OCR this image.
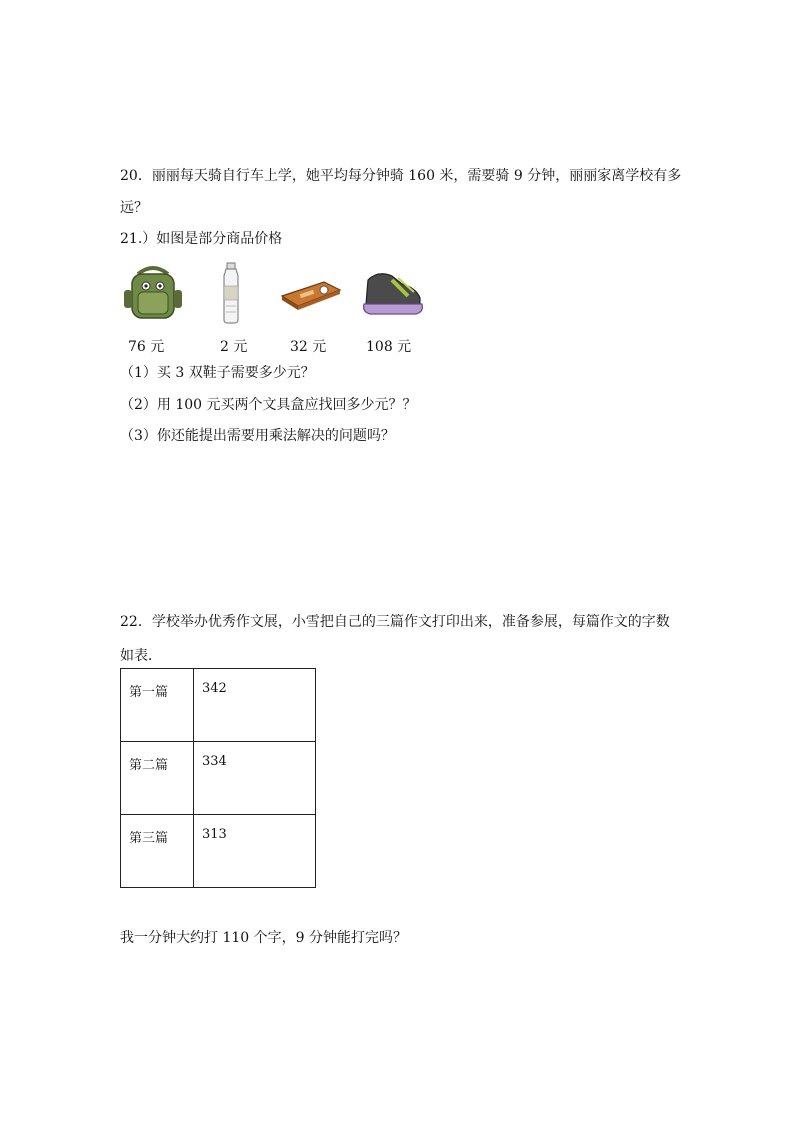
20．丽丽每天骑自行车上学，她平均每分钟骑 160 米，需要骑 9 分钟，丽丽家离学校有多
远？
21.）如图是部分商品价格
76 元	2 元	32 元	108 元
（1）买 3 双鞋子需要多少元？
（2）用 100 元买两个文具盒应找回多少元？？
（3）你还能提出需要用乘法解决的问题吗？
22．学校举办优秀作文展，小雪把自己的三篇作文打印出来，准备参展，每篇作文的字数
如表．
第一篇	342
第二篇	334
第三篇	313
我一分钟大约打 110 个字，9 分钟能打完吗？
